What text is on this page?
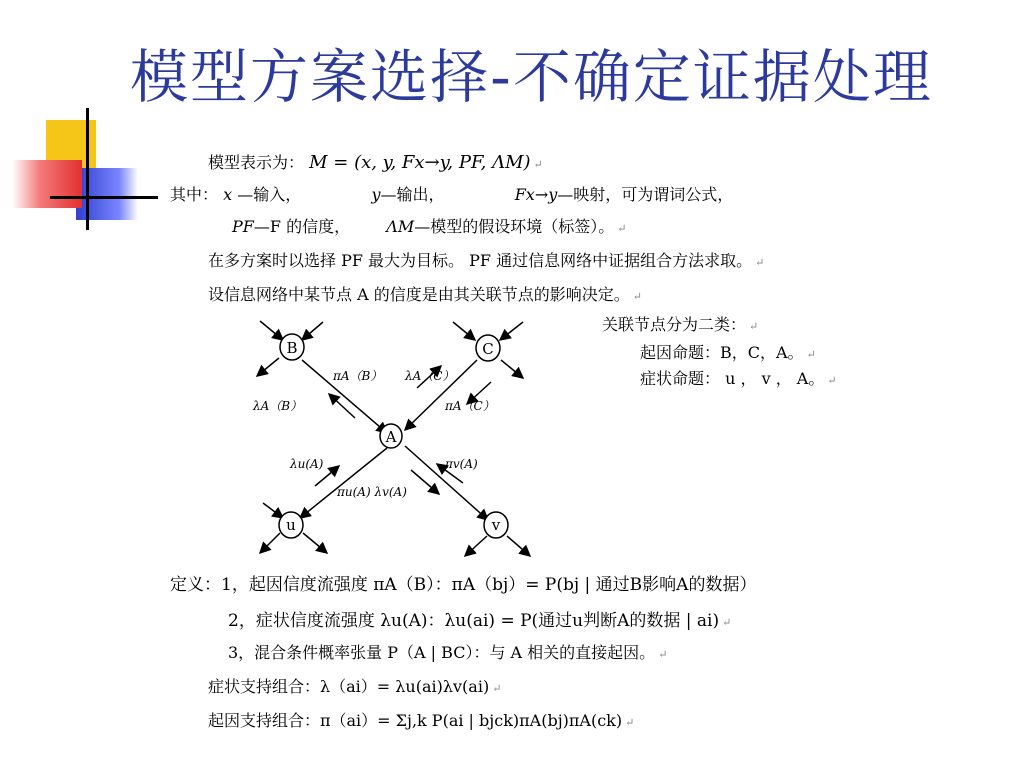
模型方案选择-不确定证据处理
模型表示为： M = (x, y, Fx→y, PF, ΛM) ↵
其中： x —输入，	y—输出，	Fx→y—映射，可为谓词公式，
PF—F 的信度， ΛM—模型的假设环境（标签）。 ↵
在多方案时以选择 PF 最大为目标。 PF 通过信息网络中证据组合方法求取。 ↵
设信息网络中某节点 A 的信度是由其关联节点的影响决定。 ↵
关联节点分为二类： ↵
起因命题：B，C，A。 ↵
症状命题： u ， v ， A。 ↵
B	C
A
u	v
πA（B） λA（C）
λA（B）	πA（C）
λu(A)	πv(A)
πu(A) λv(A)
定义：1，起因信度流强度 πA（B）：πA（bj）= P(bj | 通过B影响A的数据）
2，症状信度流强度 λu(A)：λu(ai) = P(通过u判断A的数据 | ai) ↵
3，混合条件概率张量 P（A | BC）：与 A 相关的直接起因。 ↵
症状支持组合：λ（ai）= λu(ai)λv(ai) ↵
起因支持组合：π（ai）= Σj,k P(ai | bjck)πA(bj)πA(ck) ↵
